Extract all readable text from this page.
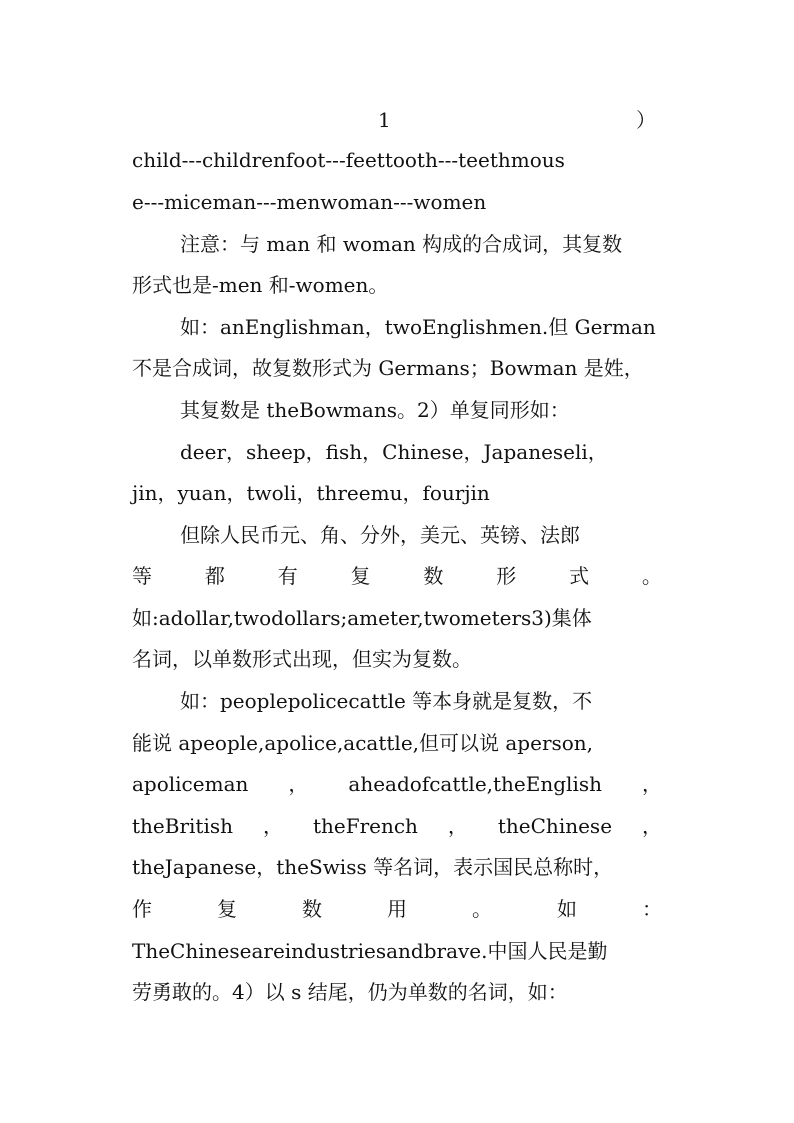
1	）
child---childrenfoot---feettooth---teethmous
e---miceman---menwoman---women
注意：与 man 和 woman 构成的合成词，其复数
形式也是-men 和-women。
如：anEnglishman，twoEnglishmen.但 German
不是合成词，故复数形式为 Germans；Bowman 是姓，
其复数是 theBowmans。2）单复同形如：
deer，sheep，fish，Chinese，Japaneseli，
jin，yuan，twoli，threemu，fourjin
但除人民币元、角、分外，美元、英镑、法郎
等	都	有	复	数	形	式	。
如:adollar,twodollars;ameter,twometers3)集体
名词，以单数形式出现，但实为复数。
如：peoplepolicecattle 等本身就是复数，不
能说 apeople,apolice,acattle,但可以说 aperson,
apoliceman ， aheadofcattle,theEnglish ，
theBritish ， theFrench ， theChinese ，
theJapanese，theSwiss 等名词，表示国民总称时，
作	复	数	用	。	如	：
TheChineseareindustriesandbrave.中国人民是勤
劳勇敢的。4）以 s 结尾，仍为单数的名词，如：
